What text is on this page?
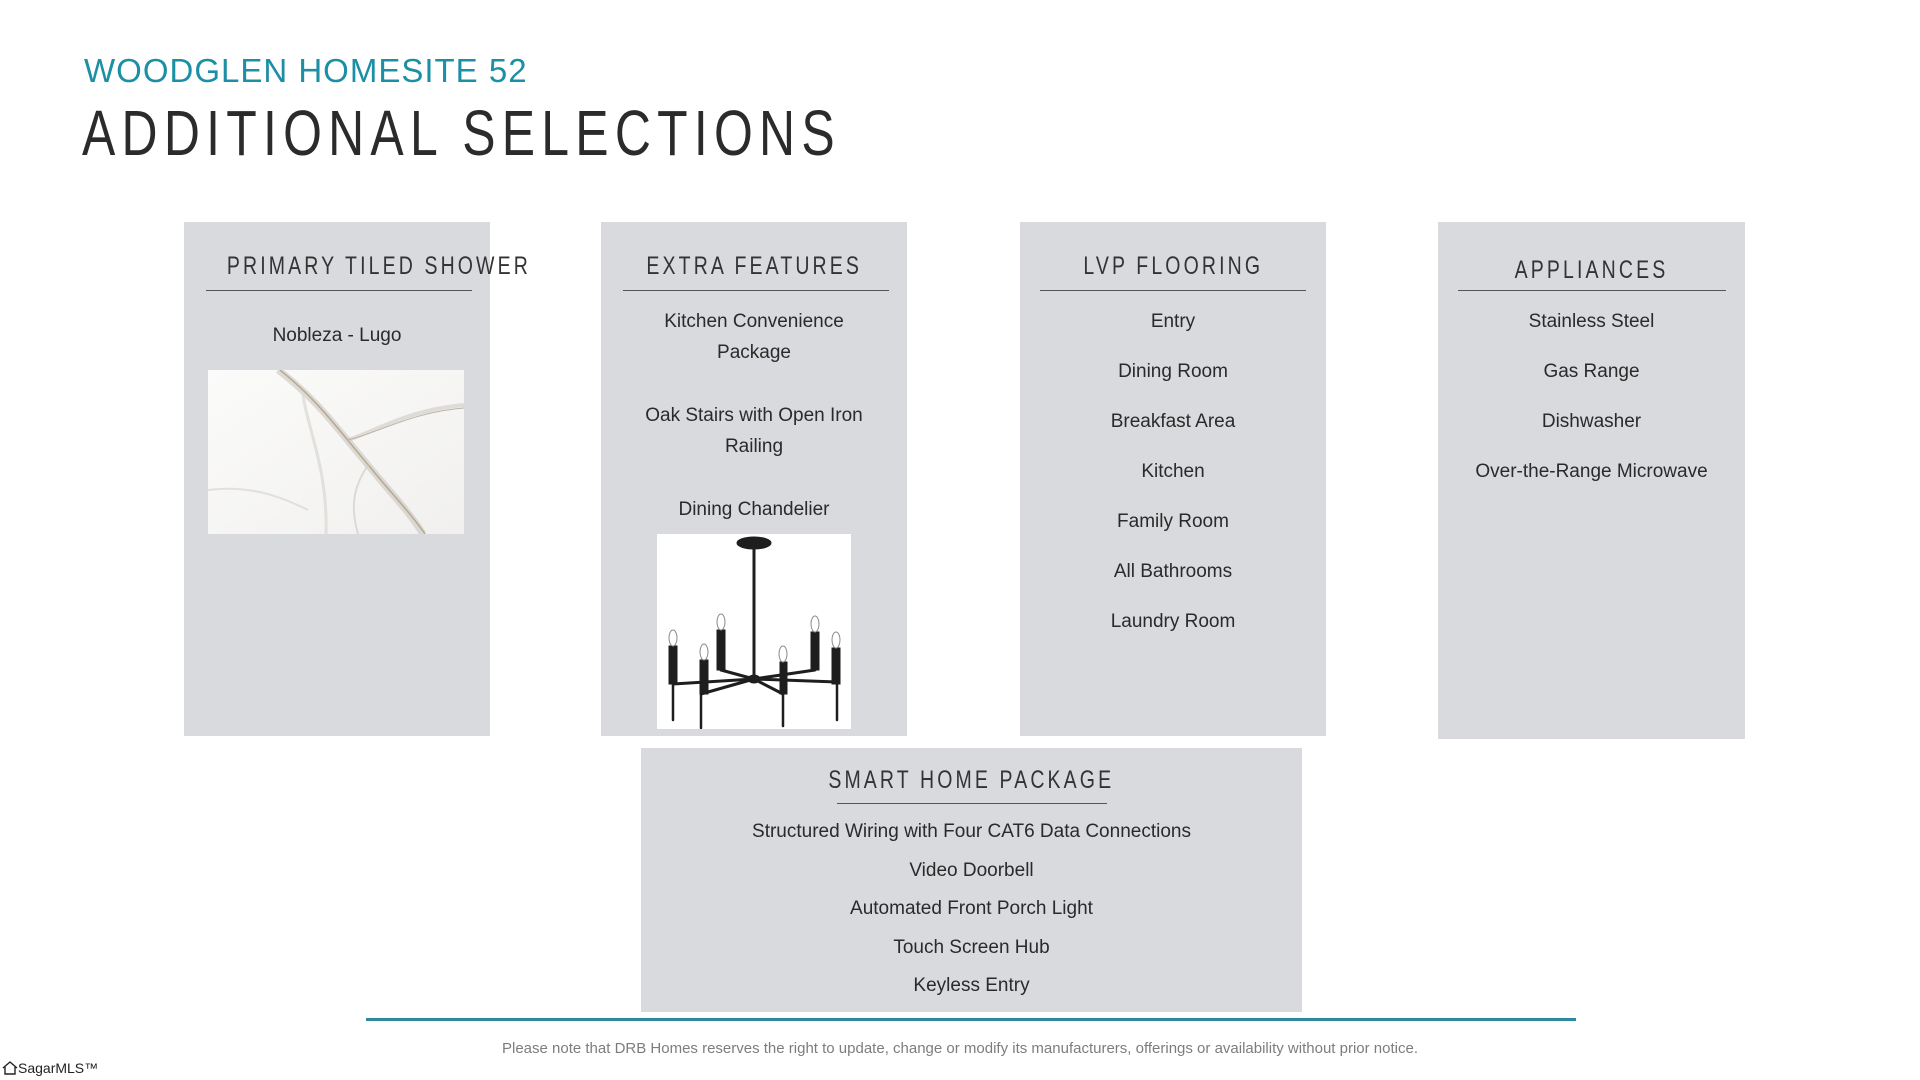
WOODGLEN HOMESITE 52
ADDITIONAL SELECTIONS
PRIMARY TILED SHOWER
Nobleza - Lugo
EXTRA FEATURES
Kitchen Convenience
Package
Oak Stairs with Open Iron
Railing
Dining Chandelier
LVP FLOORING
Entry
Dining Room
Breakfast Area
Kitchen
Family Room
All Bathrooms
Laundry Room
APPLIANCES
Stainless Steel
Gas Range
Dishwasher
Over-the-Range Microwave
SMART HOME PACKAGE
Structured Wiring with Four CAT6 Data Connections
Video Doorbell
Automated Front Porch Light
Touch Screen Hub
Keyless Entry
Please note that DRB Homes reserves the right to update, change or modify its manufacturers, offerings or availability without prior notice.
SagarMLS™
